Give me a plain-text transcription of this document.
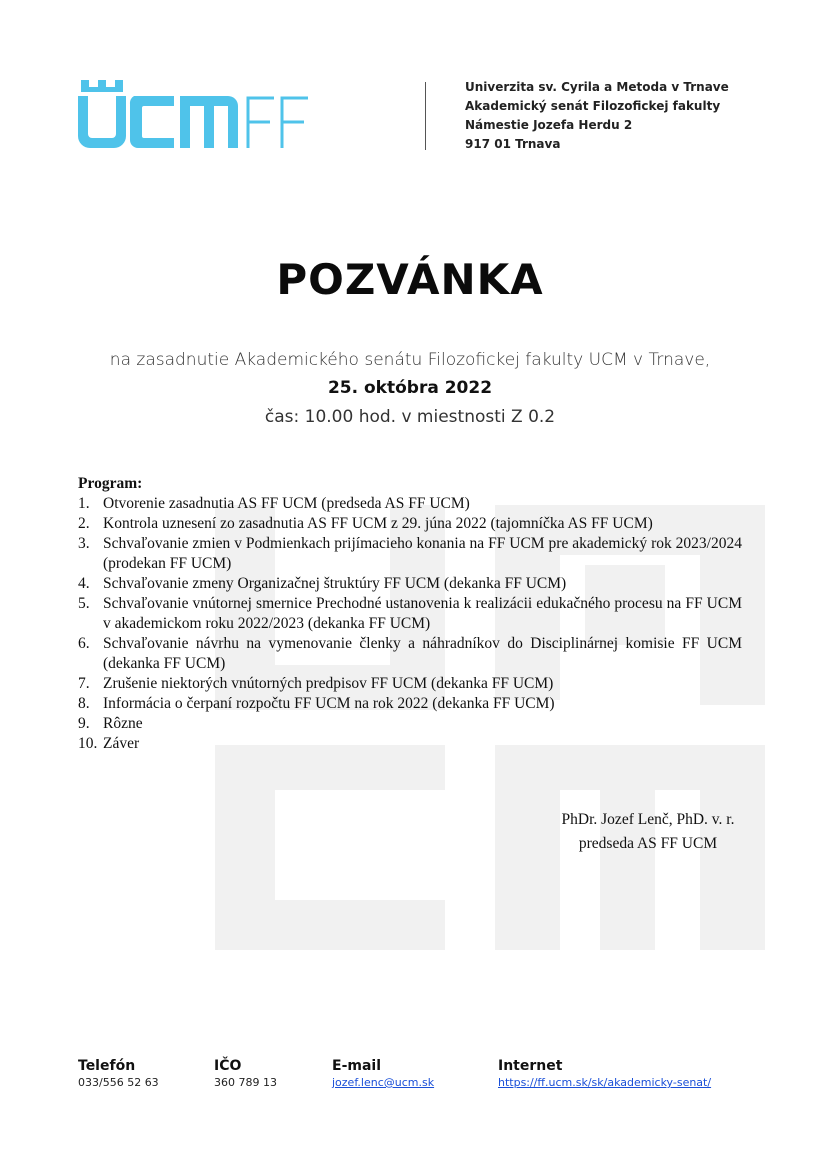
Univerzita sv. Cyrila a Metoda v Trnave
Akademický senát Filozofickej fakulty
Námestie Jozefa Herdu 2
917 01 Trnava
POZVÁNKA
na zasadnutie Akademického senátu Filozofickej fakulty UCM v Trnave,
25. októbra 2022
čas: 10.00 hod. v miestnosti Z 0.2
Program:
1. Otvorenie zasadnutia AS FF UCM (predseda AS FF UCM)
2. Kontrola uznesení zo zasadnutia AS FF UCM z 29. júna 2022 (tajomníčka AS FF UCM)
3. Schvaľovanie zmien v Podmienkach prijímacieho konania na FF UCM pre akademický rok 2023/2024 (prodekan FF UCM)
4. Schvaľovanie zmeny Organizačnej štruktúry FF UCM (dekanka FF UCM)
5. Schvaľovanie vnútornej smernice Prechodné ustanovenia k realizácii edukačného procesu na FF UCM v akademickom roku 2022/2023 (dekanka FF UCM)
6. Schvaľovanie návrhu na vymenovanie členky a náhradníkov do Disciplinárnej komisie FF UCM (dekanka FF UCM)
7. Zrušenie niektorých vnútorných predpisov FF UCM (dekanka FF UCM)
8. Informácia o čerpaní rozpočtu FF UCM na rok 2022 (dekanka FF UCM)
9. Rôzne
10. Záver
PhDr. Jozef Lenč, PhD. v. r.
predseda AS FF UCM
Telefón
033/556 52 63
IČO
360 789 13
E-mail
jozef.lenc@ucm.sk
Internet
https://ff.ucm.sk/sk/akademicky-senat/
